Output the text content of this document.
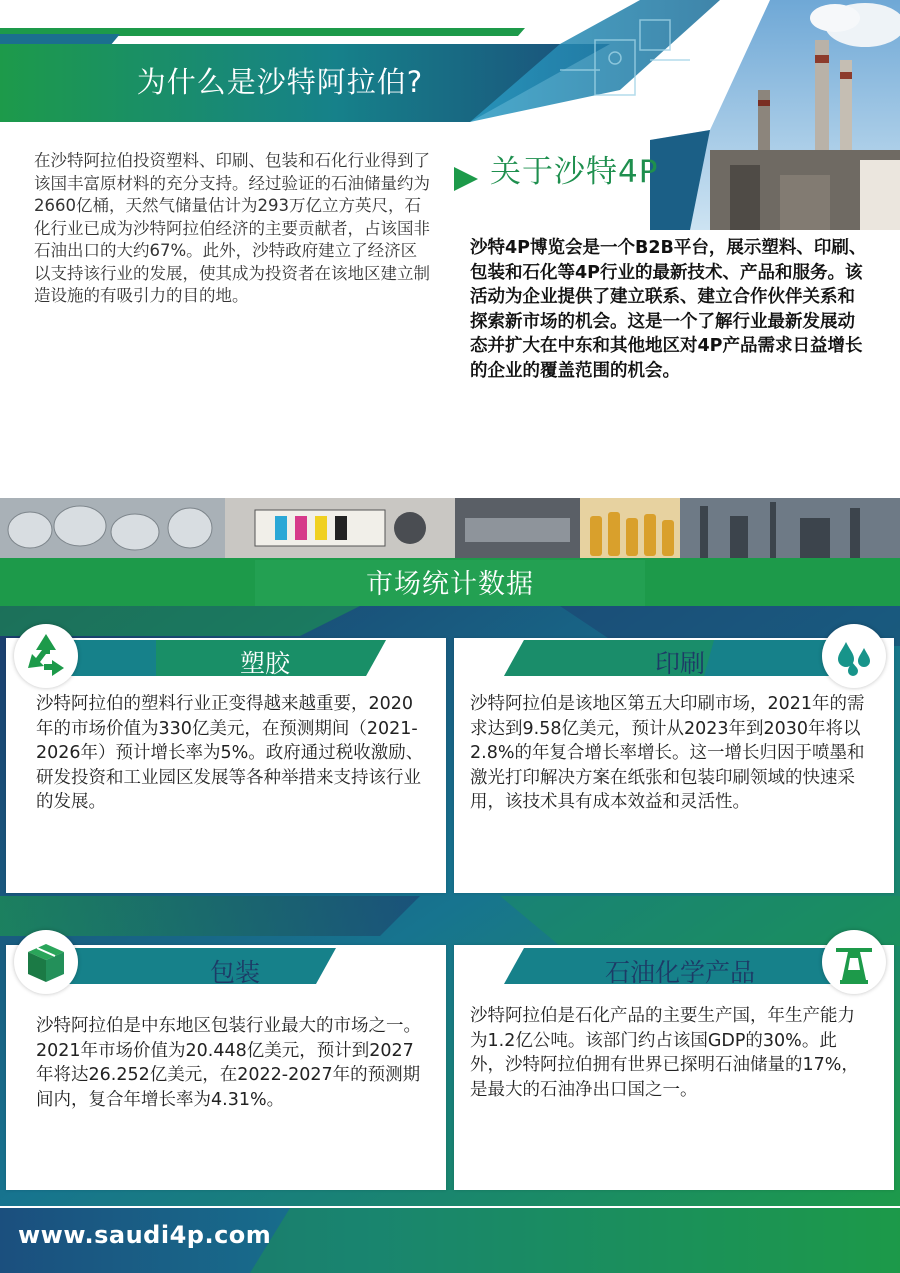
为什么是沙特阿拉伯?
在沙特阿拉伯投资塑料、印刷、包装和石化行业得到了该国丰富原材料的充分支持。经过验证的石油储量约为2660亿桶，天然气储量估计为293万亿立方英尺，石化行业已成为沙特阿拉伯经济的主要贡献者，占该国非石油出口的大约67%。此外，沙特政府建立了经济区以支持该行业的发展，使其成为投资者在该地区建立制造设施的有吸引力的目的地。
关于沙特4P
沙特4P博览会是一个B2B平台，展示塑料、印刷、包装和石化等4P行业的最新技术、产品和服务。该活动为企业提供了建立联系、建立合作伙伴关系和探索新市场的机会。这是一个了解行业最新发展动态并扩大在中东和其他地区对4P产品需求日益增长的企业的覆盖范围的机会。
市场统计数据
塑胶
沙特阿拉伯的塑料行业正变得越来越重要，2020年的市场价值为330亿美元，在预测期间（2021-2026年）预计增长率为5%。政府通过税收激励、研发投资和工业园区发展等各种举措来支持该行业的发展。
印刷
沙特阿拉伯是该地区第五大印刷市场，2021年的需求达到9.58亿美元，预计从2023年到2030年将以2.8%的年复合增长率增长。这一增长归因于喷墨和激光打印解决方案在纸张和包装印刷领域的快速采用，该技术具有成本效益和灵活性。
包装
沙特阿拉伯是中东地区包装行业最大的市场之一。2021年市场价值为20.448亿美元，预计到2027年将达26.252亿美元，在2022-2027年的预测期间内，复合年增长率为4.31%。
石油化学产品
沙特阿拉伯是石化产品的主要生产国，年生产能力为1.2亿公吨。该部门约占该国GDP的30%。此外，沙特阿拉伯拥有世界已探明石油储量的17%，是最大的石油净出口国之一。
www.saudi4p.com
